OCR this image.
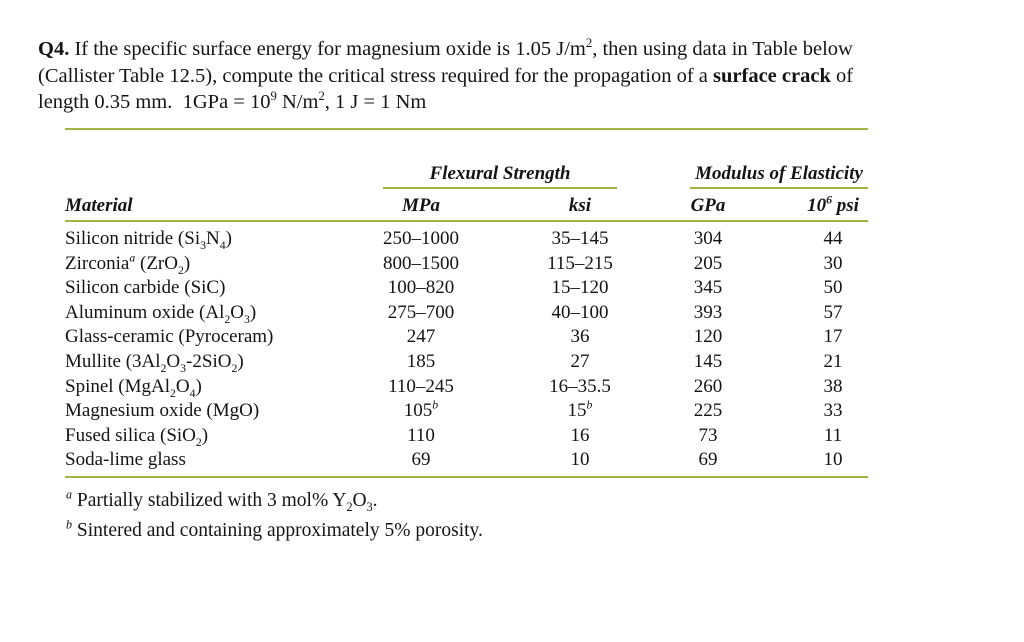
Q4. If the specific surface energy for magnesium oxide is 1.05 $J/m^2$, then using data in Table below
(Callister Table 12.5), compute the critical stress required for the propagation of a surface crack of
length 0.35 mm.  $1GPa = 10^9$ $N/m^2$, 1 J = 1 Nm
Flexural Strength	Modulus of Elasticity
Material	MPa	ksi	GPa	$10^6$ psi
Silicon nitride $(Si_3N_4)$	250–1000	35–145	304	44
Zirconia$^a$ (ZrO$_2$)	800–1500	115–215	205	30
Silicon carbide (SiC)	100–820	15–120	345	50
Aluminum oxide $(Al_2O_3)$	275–700	40–100	393	57
Glass-ceramic (Pyroceram)	247	36	120	17
Mullite $(3Al_2O_3-2SiO_2)$	185	27	145	21
Spinel $(MgAl_2O_4)$	110–245	16–35.5	260	38
Magnesium oxide (MgO)	105$^b$	15$^b$	225	33
Fused silica (SiO$_2$)	110	16	73	11
Soda-lime glass	69	10	69	10
$^a$ Partially stabilized with 3 mol% $Y_2O_3$.
$^b$ Sintered and containing approximately 5% porosity.
